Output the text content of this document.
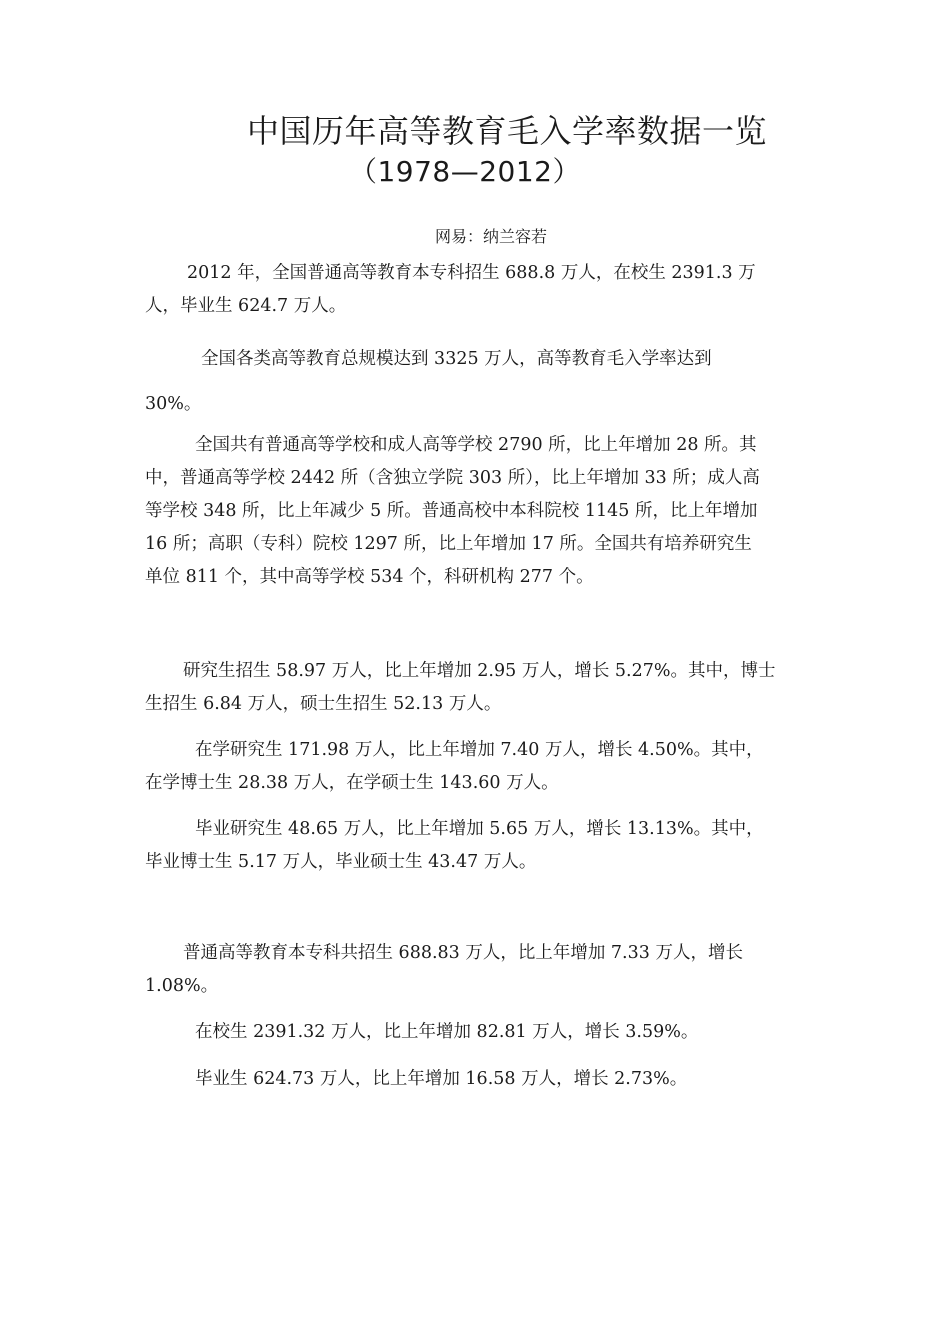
中国历年高等教育毛入学率数据一览
（1978—2012）
网易：纳兰容若
2012 年，全国普通高等教育本专科招生 688.8 万人，在校生 2391.3 万
人，毕业生 624.7 万人。
全国各类高等教育总规模达到 3325 万人，高等教育毛入学率达到
30%。
全国共有普通高等学校和成人高等学校 2790 所，比上年增加 28 所。其
中，普通高等学校 2442 所（含独立学院 303 所），比上年增加 33 所；成人高
等学校 348 所，比上年减少 5 所。普通高校中本科院校 1145 所，比上年增加
16 所；高职（专科）院校 1297 所，比上年增加 17 所。全国共有培养研究生
单位 811 个，其中高等学校 534 个，科研机构 277 个。
研究生招生 58.97 万人，比上年增加 2.95 万人，增长 5.27%。其中，博士
生招生 6.84 万人，硕士生招生 52.13 万人。
在学研究生 171.98 万人，比上年增加 7.40 万人，增长 4.50%。其中，
在学博士生 28.38 万人，在学硕士生 143.60 万人。
毕业研究生 48.65 万人，比上年增加 5.65 万人，增长 13.13%。其中，
毕业博士生 5.17 万人，毕业硕士生 43.47 万人。
普通高等教育本专科共招生 688.83 万人，比上年增加 7.33 万人，增长
1.08%。
在校生 2391.32 万人，比上年增加 82.81 万人，增长 3.59%。
毕业生 624.73 万人，比上年增加 16.58 万人，增长 2.73%。
